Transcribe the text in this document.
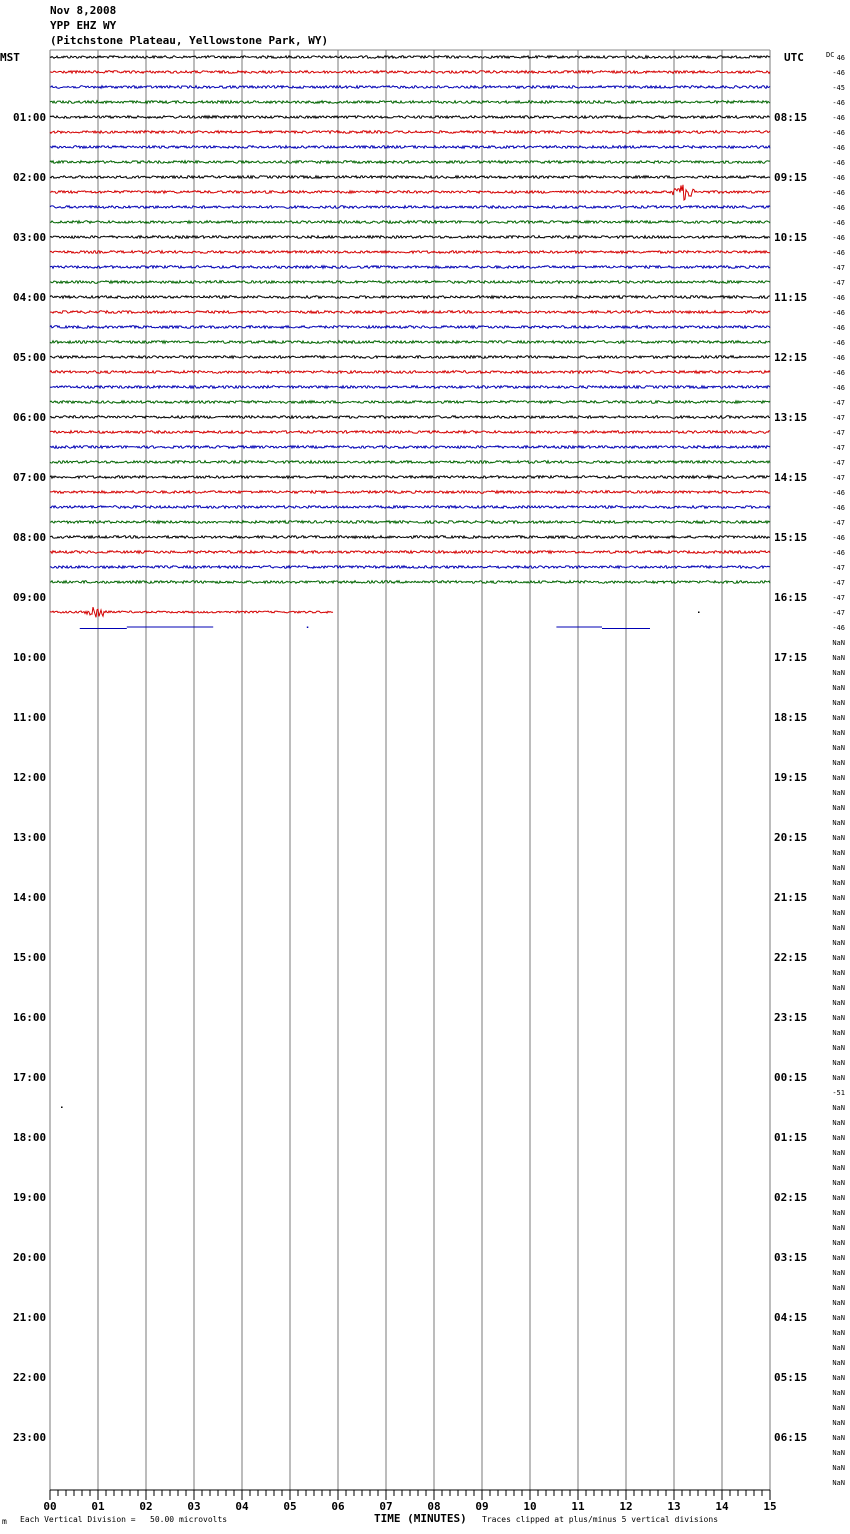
Nov 8,2008
YPP EHZ WY
(Pitchstone Plateau, Yellowstone Park, WY)
MST	UTC	DC
01:00
02:00
03:00
04:00
05:00
06:00
07:00
08:00
09:00
10:00
11:00
12:00
13:00
14:00
15:00
16:00
17:00
18:00
19:00
20:00
21:00
22:00
23:00
08:15
09:15
10:15
11:15
12:15
13:15
14:15
15:15
16:15
17:15
18:15
19:15
20:15
21:15
22:15
23:15
00:15
01:15
02:15
03:15
04:15
05:15
06:15
46
-46
-45
-46
-46
-46
-46
-46
-46
-46
-46
-46
-46
-46
-47
-47
-46
-46
-46
-46
-46
-46
-46
-47
-47
-47
-47
-47
-47
-46
-46
-47
-46
-46
-47
-47
-47
-47
-46
NaN
NaN
NaN
NaN
NaN
NaN
NaN
NaN
NaN
NaN
NaN
NaN
NaN
NaN
NaN
NaN
NaN
NaN
NaN
NaN
NaN
NaN
NaN
NaN
NaN
NaN
NaN
NaN
NaN
NaN
-51
NaN
NaN
NaN
NaN
NaN
NaN
NaN
NaN
NaN
NaN
NaN
NaN
NaN
NaN
NaN
NaN
NaN
NaN
NaN
NaN
NaN
NaN
NaN
NaN
NaN
NaN
00	01	02	03	04	05	06	07	08	09	10	11	12	13	14	15
m Each Vertical Division =   50.00 microvolts	TIME (MINUTES) Traces clipped at plus/minus 5 vertical divisions
